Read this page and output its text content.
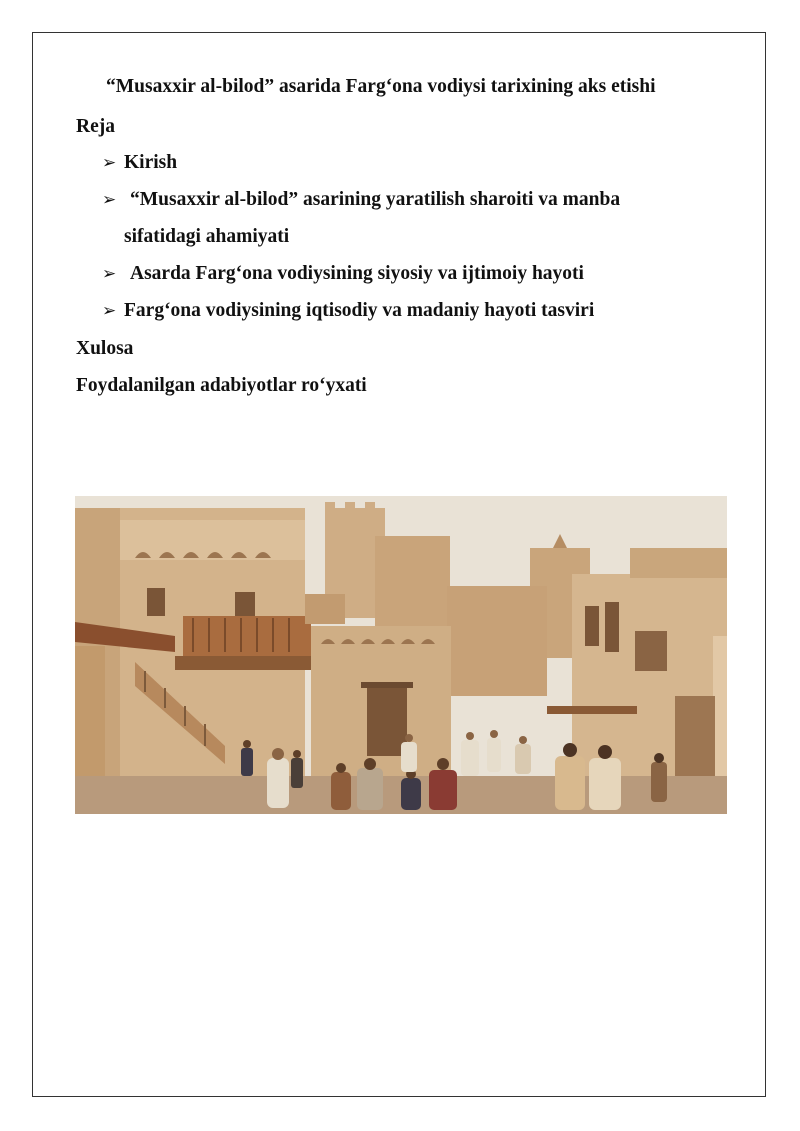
“Musaxxir al-bilod” asarida Farg‘ona vodiysi tarixining aks etishi
Reja
➢ Kirish
➢ “Musaxxir al-bilod” asarining yaratilish sharoiti va manba
sifatidagi ahamiyati
➢ Asarda Farg‘ona vodiysining siyosiy va ijtimoiy hayoti
➢ Farg‘ona vodiysining iqtisodiy va madaniy hayoti tasviri
Xulosa
Foydalanilgan adabiyotlar ro‘yxati
